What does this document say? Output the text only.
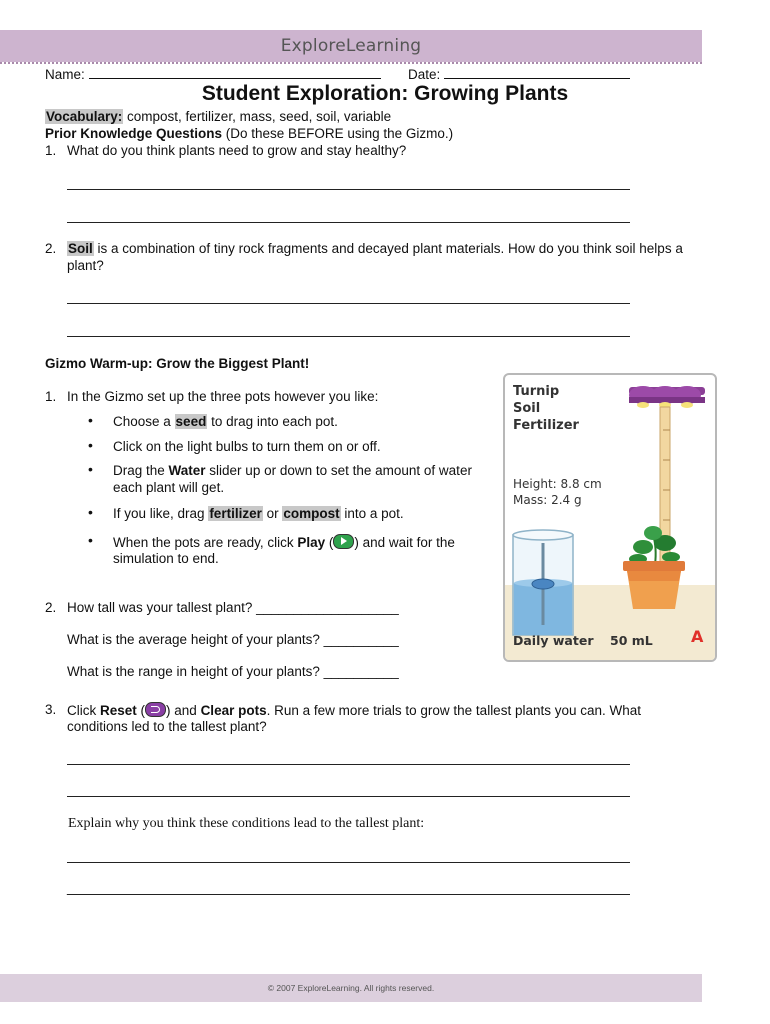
ExploreLearning
Name:	Date:
Student Exploration: Growing Plants
Vocabulary: compost, fertilizer, mass, seed, soil, variable
Prior Knowledge Questions (Do these BEFORE using the Gizmo.)
1. What do you think plants need to grow and stay healthy?
2. Soil is a combination of tiny rock fragments and decayed plant materials. How do you think soil helps a
plant?
Gizmo Warm-up: Grow the Biggest Plant!
1. In the Gizmo set up the three pots however you like:
• Choose a seed to drag into each pot.
• Click on the light bulbs to turn them on or off.
• Drag the Water slider up or down to set the amount of water
each plant will get.
• If you like, drag fertilizer or compost into a pot.
• When the pots are ready, click Play ( ) and wait for the
simulation to end.
2. How tall was your tallest plant? ___________________
What is the average height of your plants? __________
What is the range in height of your plants? __________
3. Click Reset ( ) and Clear pots. Run a few more trials to grow the tallest plants you can. What
conditions led to the tallest plant?
Explain why you think these conditions lead to the tallest plant:
_
Turnip
Soil
Fertilizer
Height: 8.8 cm
Mass: 2.4 g
Daily water 50 mL A
© 2007 ExploreLearning. All rights reserved.
